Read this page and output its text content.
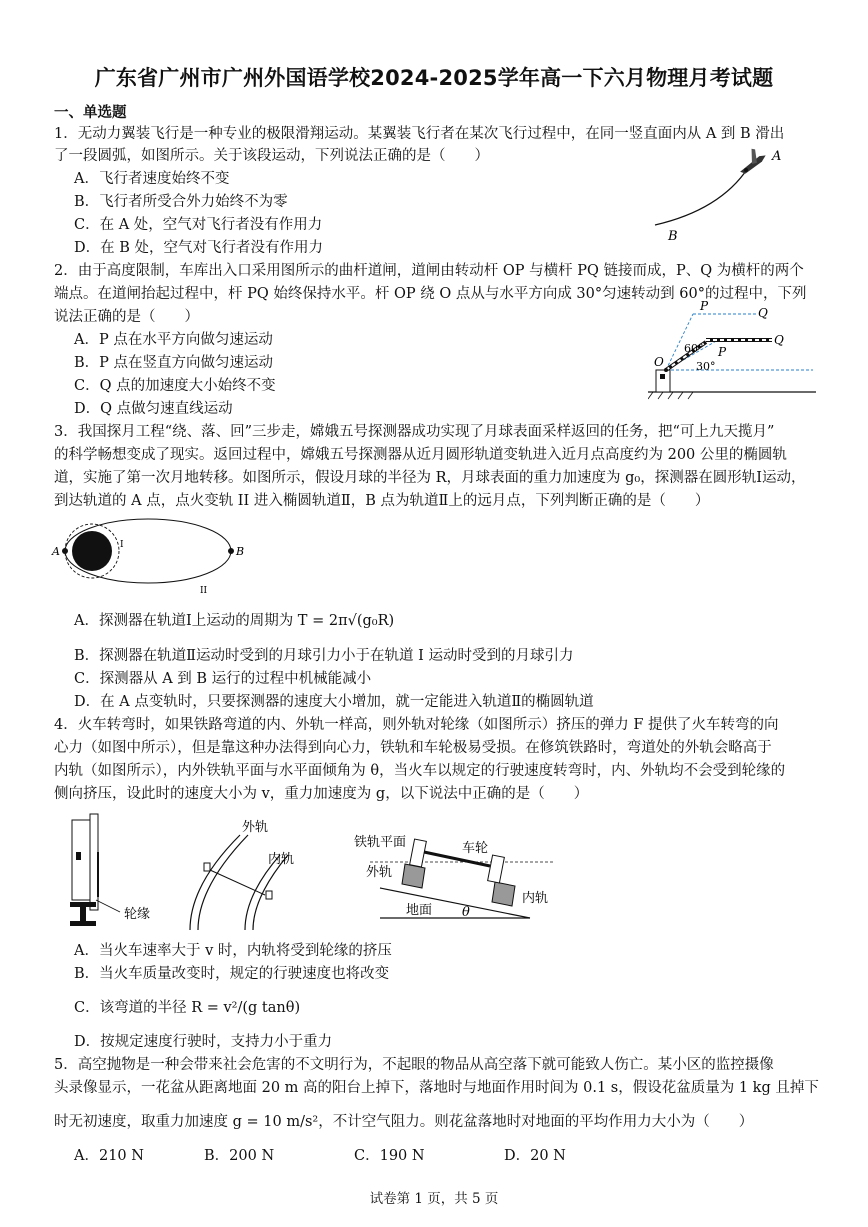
广东省广州市广州外国语学校2024-2025学年高一下六月物理月考试题
一、单选题
1．无动力翼装飞行是一种专业的极限滑翔运动。某翼装飞行者在某次飞行过程中，在同一竖直面内从 A 到 B 滑出
了一段圆弧，如图所示。关于该段运动，下列说法正确的是（　　）
A．飞行者速度始终不变
B．飞行者所受合外力始终不为零
C．在 A 处，空气对飞行者没有作用力
D．在 B 处，空气对飞行者没有作用力
A
B
2．由于高度限制，车库出入口采用图所示的曲杆道闸，道闸由转动杆 OP 与横杆 PQ 链接而成，P、Q 为横杆的两个
端点。在道闸抬起过程中，杆 PQ 始终保持水平。杆 OP 绕 O 点从与水平方向成 30°匀速转动到 60°的过程中，下列
说法正确的是（　　）
A．P 点在水平方向做匀速运动
B．P 点在竖直方向做匀速运动
C．Q 点的加速度大小始终不变
D．Q 点做匀速直线运动
P	Q
Q
P
O
60°
30°
3．我国探月工程“绕、落、回”三步走，嫦娥五号探测器成功实现了月球表面采样返回的任务，把“可上九天揽月”
的科学畅想变成了现实。返回过程中，嫦娥五号探测器从近月圆形轨道变轨进入近月点高度约为 200 公里的椭圆轨
道，实施了第一次月地转移。如图所示，假设月球的半径为 R，月球表面的重力加速度为 g₀，探测器在圆形轨Ⅰ运动，
到达轨道的 A 点，点火变轨 II 进入椭圆轨道Ⅱ，B 点为轨道Ⅱ上的远月点，下列判断正确的是（　　）
A	B
I
II
A．探测器在轨道Ⅰ上运动的周期为 T = 2π√(g₀R)
B．探测器在轨道Ⅱ运动时受到的月球引力小于在轨道 I 运动时受到的月球引力
C．探测器从 A 到 B 运行的过程中机械能减小
D．在 A 点变轨时，只要探测器的速度大小增加，就一定能进入轨道Ⅱ的椭圆轨道
4．火车转弯时，如果铁路弯道的内、外轨一样高，则外轨对轮缘（如图所示）挤压的弹力 F 提供了火车转弯的向
心力（如图中所示），但是靠这种办法得到向心力，铁轨和车轮极易受损。在修筑铁路时，弯道处的外轨会略高于
内轨（如图所示），内外铁轨平面与水平面倾角为 θ，当火车以规定的行驶速度转弯时，内、外轨均不会受到轮缘的
侧向挤压，设此时的速度大小为 v，重力加速度为 g，以下说法中正确的是（　　）
轮缘
外轨
内轨
铁轨平面	车轮
外轨
内轨
地面 θ
A．当火车速率大于 v 时，内轨将受到轮缘的挤压
B．当火车质量改变时，规定的行驶速度也将改变
C．该弯道的半径 R = v²/(g tanθ)
D．按规定速度行驶时，支持力小于重力
5．高空抛物是一种会带来社会危害的不文明行为，不起眼的物品从高空落下就可能致人伤亡。某小区的监控摄像
头录像显示，一花盆从距离地面 20 m 高的阳台上掉下，落地时与地面作用时间为 0.1 s，假设花盆质量为 1 kg 且掉下
时无初速度，取重力加速度 g = 10 m/s²，不计空气阻力。则花盆落地时对地面的平均作用力大小为（　　）
A．210 N	B．200 N	C．190 N	D．20 N
试卷第 1 页，共 5 页
